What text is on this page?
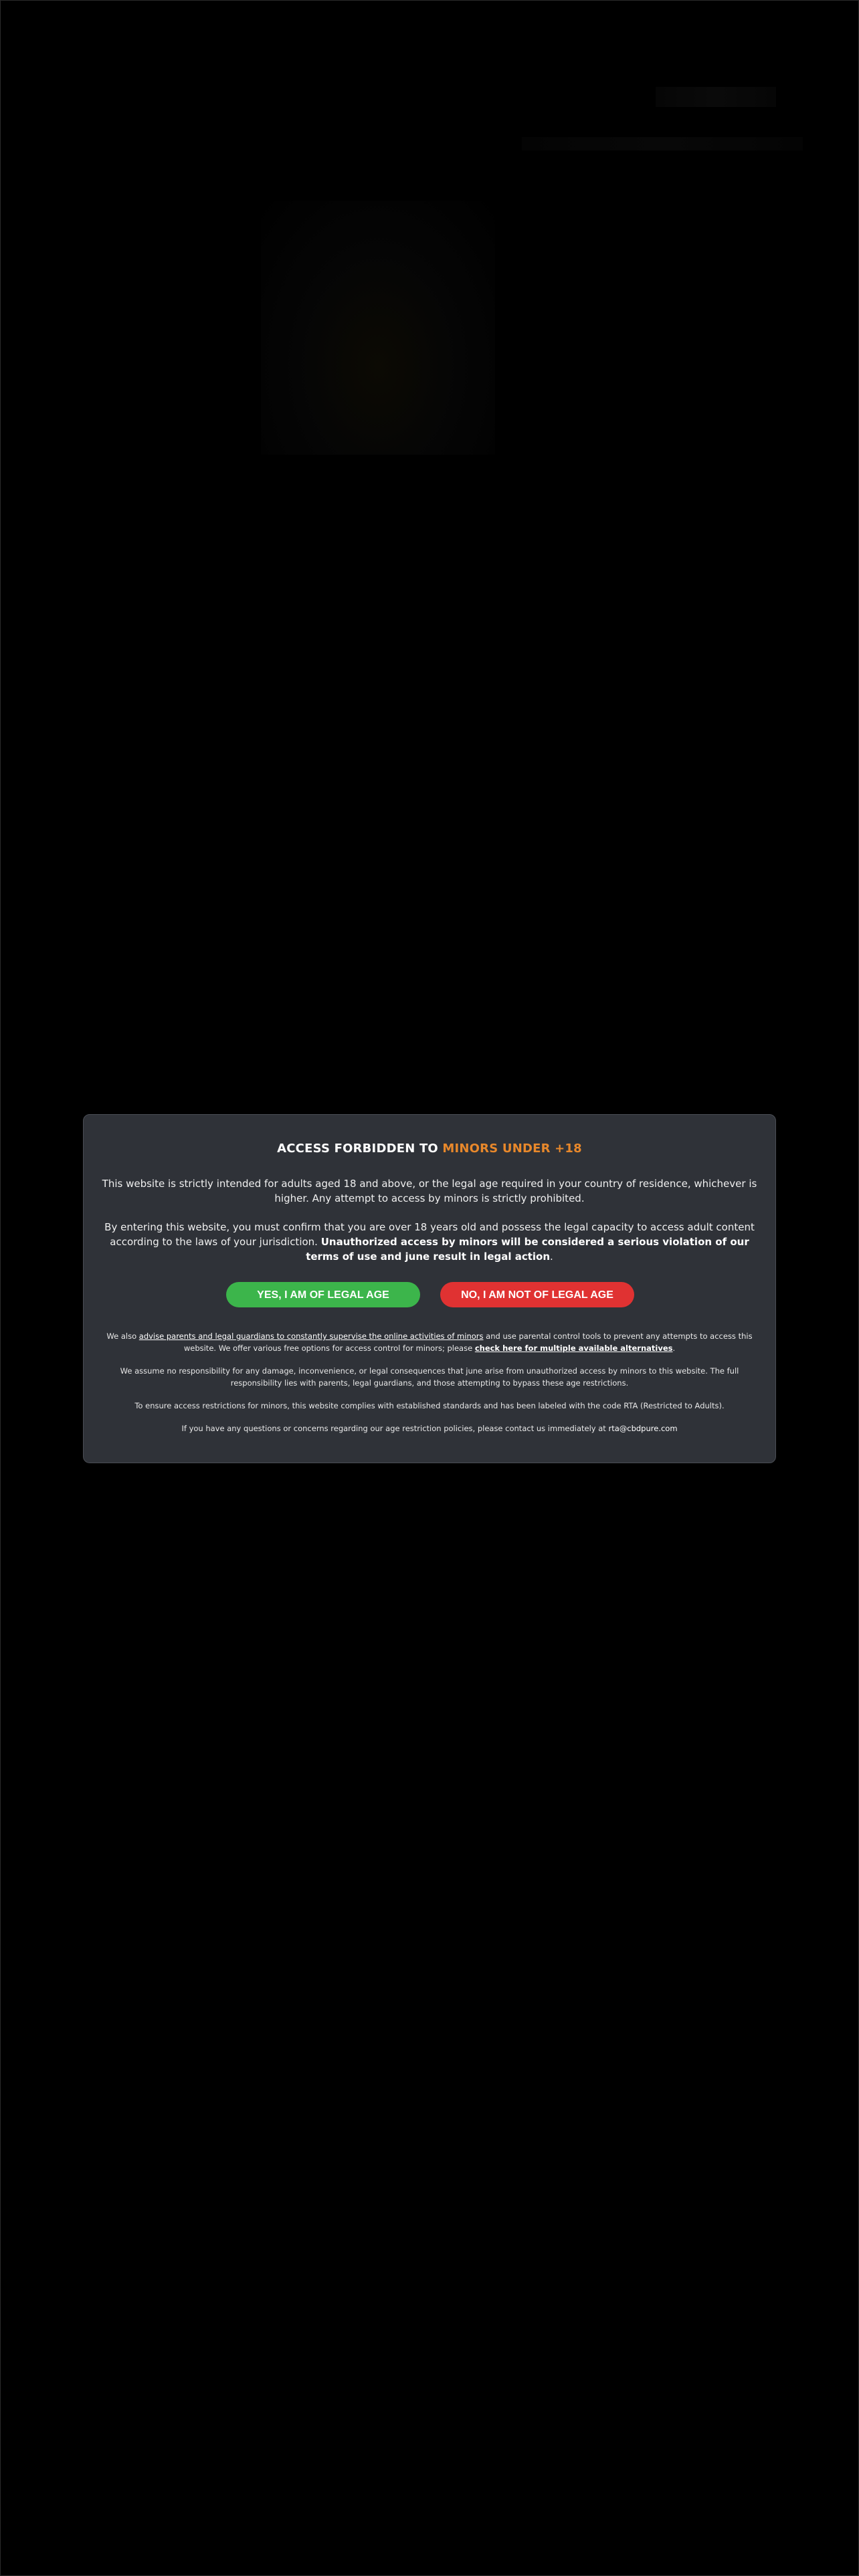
ACCESS FORBIDDEN TO MINORS UNDER +18
This website is strictly intended for adults aged 18 and above, or the legal age required in your country of residence, whichever is higher. Any attempt to access by minors is strictly prohibited.
By entering this website, you must confirm that you are over 18 years old and possess the legal capacity to access adult content according to the laws of your jurisdiction. Unauthorized access by minors will be considered a serious violation of our terms of use and june result in legal action.
YES, I AM OF LEGAL AGE	NO, I AM NOT OF LEGAL AGE
We also advise parents and legal guardians to constantly supervise the online activities of minors and use parental control tools to prevent any attempts to access this website. We offer various free options for access control for minors; please check here for multiple available alternatives.
We assume no responsibility for any damage, inconvenience, or legal consequences that june arise from unauthorized access by minors to this website. The full responsibility lies with parents, legal guardians, and those attempting to bypass these age restrictions.
To ensure access restrictions for minors, this website complies with established standards and has been labeled with the code RTA (Restricted to Adults).
If you have any questions or concerns regarding our age restriction policies, please contact us immediately at rta@cbdpure.com
